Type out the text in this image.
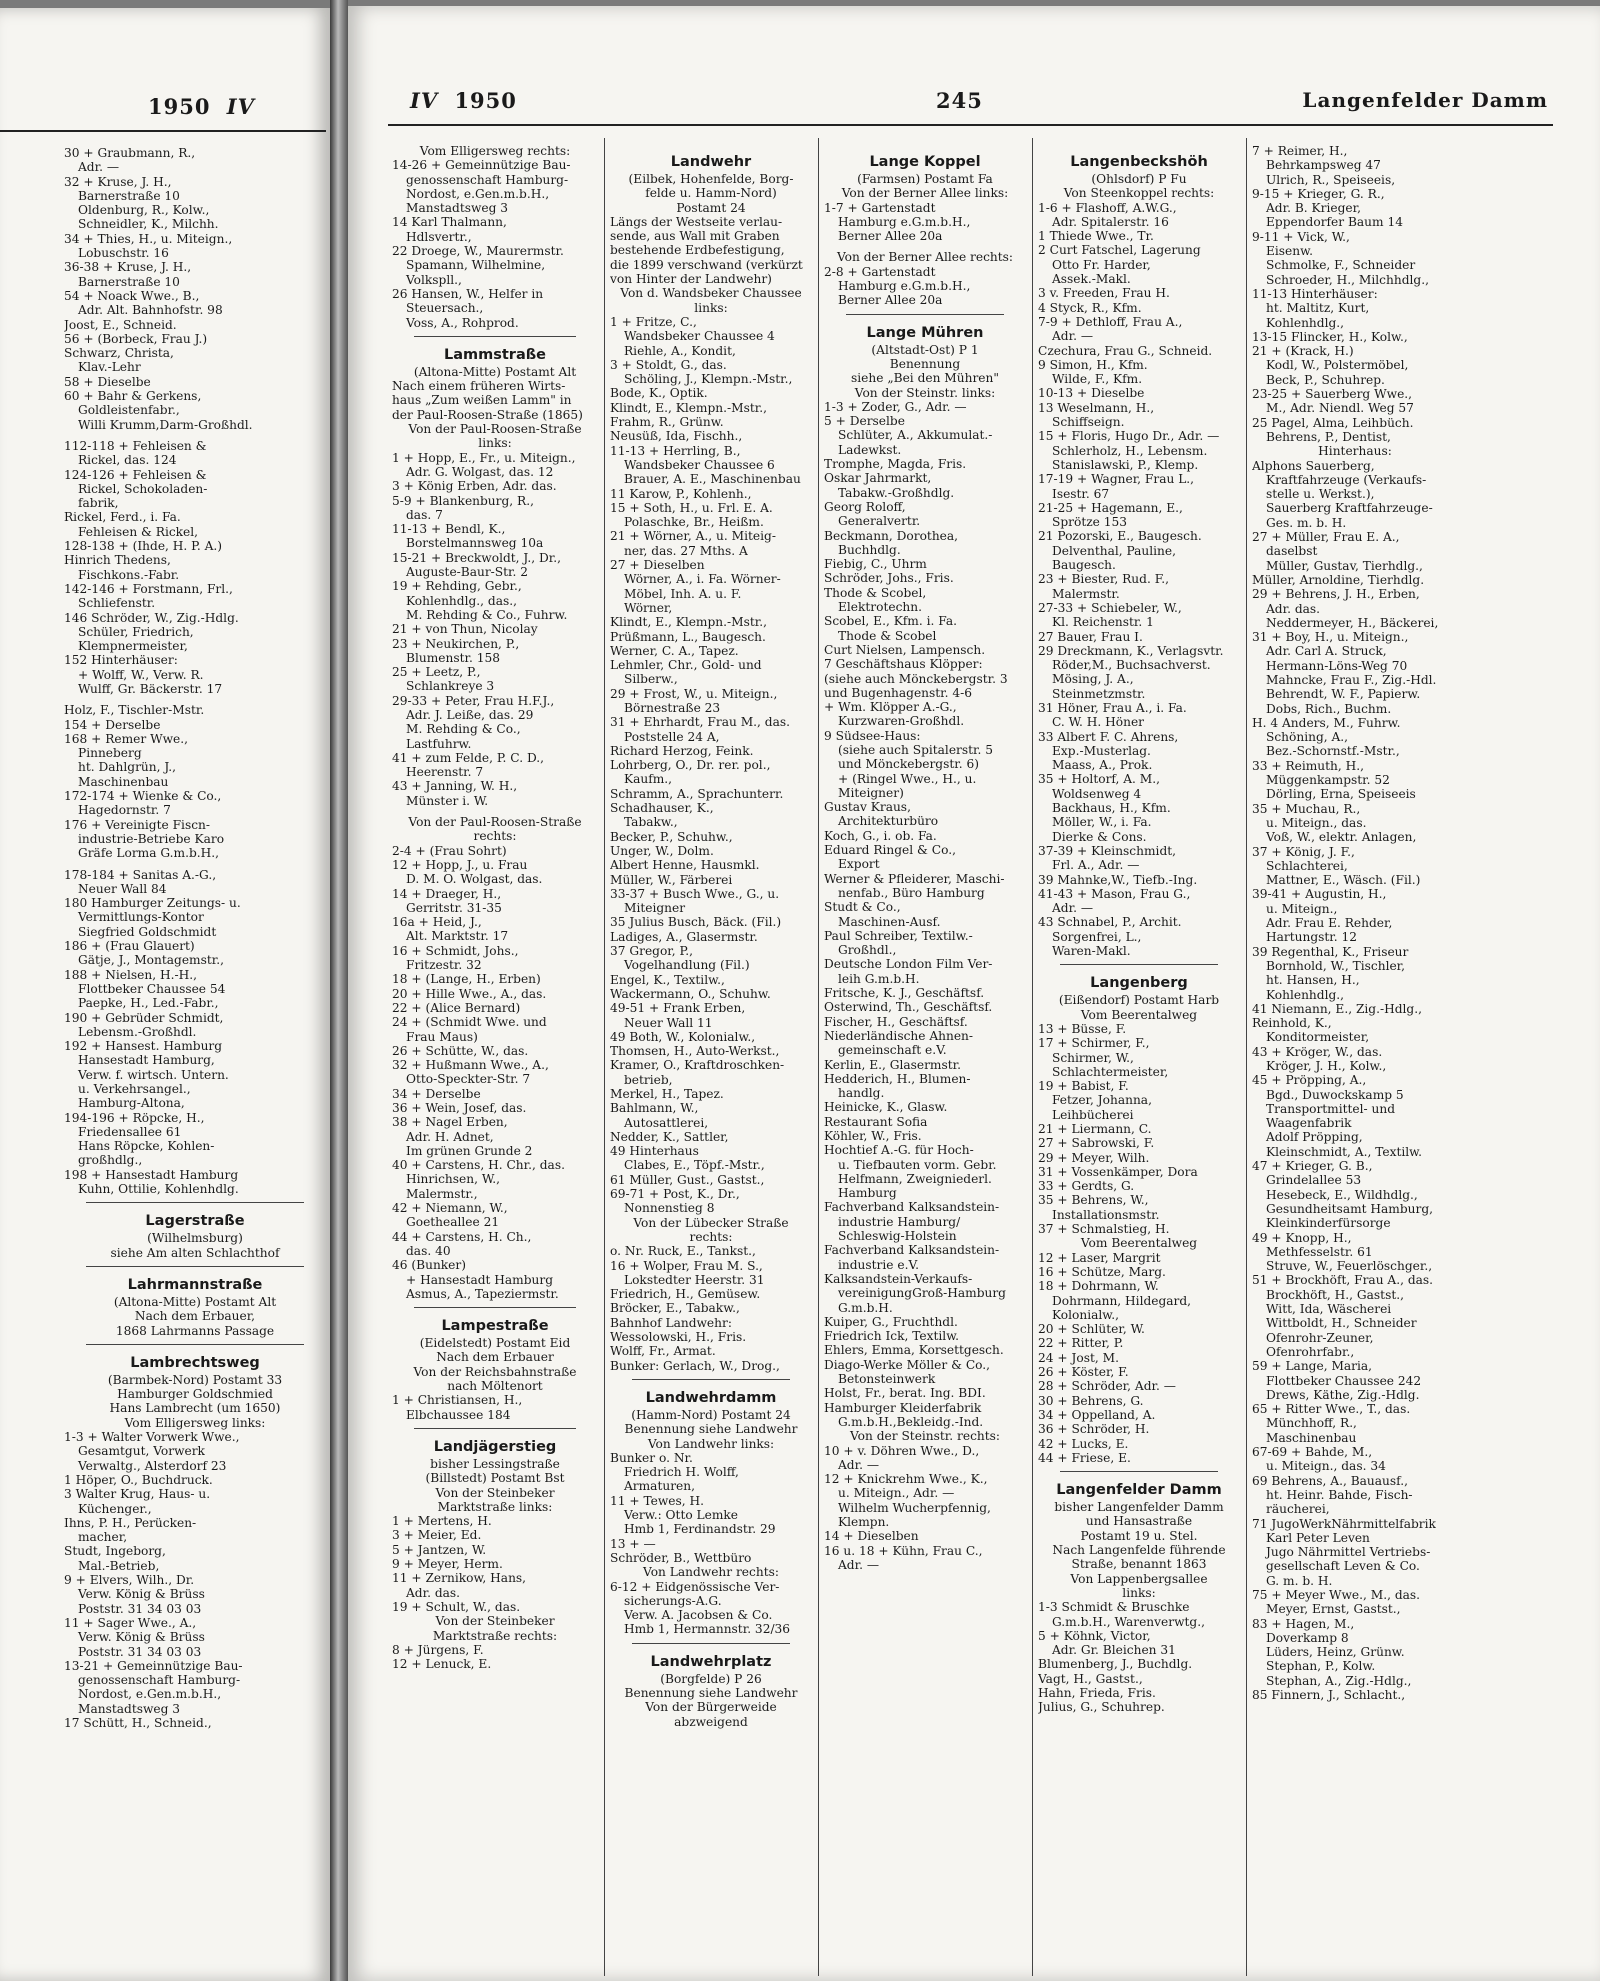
1950 IV
30 + Graubmann, R.,
Adr. —
32 + Kruse, J. H.,
Barnerstraße 10
Oldenburg, R., Kolw.,
Schneidler, K., Milchh.
34 + Thies, H., u. Miteign.,
Lobuschstr. 16
36-38 + Kruse, J. H.,
Barnerstraße 10
54 + Noack Wwe., B.,
Adr. Alt. Bahnhofstr. 98
Joost, E., Schneid.
56 + (Borbeck, Frau J.)
Schwarz, Christa,
Klav.-Lehr
58 + Dieselbe
60 + Bahr & Gerkens,
Goldleistenfabr.,
Willi Krumm,Darm-Großhdl.
112-118 + Fehleisen &
Rickel, das. 124
124-126 + Fehleisen &
Rickel, Schokoladen-
fabrik,
Rickel, Ferd., i. Fa.
Fehleisen & Rickel,
128-138 + (Ihde, H. P. A.)
Hinrich Thedens,
Fischkons.-Fabr.
142-146 + Forstmann, Frl.,
Schliefenstr.
146 Schröder, W., Zig.-Hdlg.
Schüler, Friedrich,
Klempnermeister,
152 Hinterhäuser:
+ Wolff, W., Verw. R.
Wulff, Gr. Bäckerstr. 17
Holz, F., Tischler-Mstr.
154 + Derselbe
168 + Remer Wwe.,
Pinneberg
ht. Dahlgrün, J.,
Maschinenbau
172-174 + Wienke & Co.,
Hagedornstr. 7
176 + Vereinigte Fiscn-
industrie-Betriebe Karo
Gräfe Lorma G.m.b.H.,
178-184 + Sanitas A.-G.,
Neuer Wall 84
180 Hamburger Zeitungs- u.
Vermittlungs-Kontor
Siegfried Goldschmidt
186 + (Frau Glauert)
Gätje, J., Montagemstr.,
188 + Nielsen, H.-H.,
Flottbeker Chaussee 54
Paepke, H., Led.-Fabr.,
190 + Gebrüder Schmidt,
Lebensm.-Großhdl.
192 + Hansest. Hamburg
Hansestadt Hamburg,
Verw. f. wirtsch. Untern.
u. Verkehrsangel.,
Hamburg-Altona,
194-196 + Röpcke, H.,
Friedensallee 61
Hans Röpcke, Kohlen-
großhdlg.,
198 + Hansestadt Hamburg
Kuhn, Ottilie, Kohlenhdlg.
Lagerstraße
(Wilhelmsburg)
siehe Am alten Schlachthof
Lahrmannstraße
(Altona-Mitte) Postamt Alt
Nach dem Erbauer,
1868 Lahrmanns Passage
Lambrechtsweg
(Barmbek-Nord) Postamt 33
Hamburger Goldschmied
Hans Lambrecht (um 1650)
Vom Elligersweg links:
1-3 + Walter Vorwerk Wwe.,
Gesamtgut, Vorwerk
Verwaltg., Alsterdorf 23
1 Höper, O., Buchdruck.
3 Walter Krug, Haus- u.
Küchenger.,
Ihns, P. H., Perücken-
macher,
Studt, Ingeborg,
Mal.-Betrieb,
9 + Elvers, Wilh., Dr.
Verw. König & Brüss
Poststr. 31 34 03 03
11 + Sager Wwe., A.,
Verw. König & Brüss
Poststr. 31 34 03 03
13-21 + Gemeinnützige Bau-
genossenschaft Hamburg-
Nordost, e.Gen.m.b.H.,
Manstadtsweg 3
17 Schütt, H., Schneid.,
IV 1950	245	Langenfelder Damm
Vom Elligersweg rechts:
14-26 + Gemeinnützige Bau-
genossenschaft Hamburg-
Nordost, e.Gen.m.b.H.,
Manstadtsweg 3
14 Karl Thalmann,
Hdlsvertr.,
22 Droege, W., Maurermstr.
Spamann, Wilhelmine,
Volkspll.,
26 Hansen, W., Helfer in
Steuersach.,
Voss, A., Rohprod.
Lammstraße
(Altona-Mitte) Postamt Alt
Nach einem früheren Wirts-
haus „Zum weißen Lamm" in
der Paul-Roosen-Straße (1865)
Von der Paul-Roosen-Straße
links:
1 + Hopp, E., Fr., u. Miteign.,
Adr. G. Wolgast, das. 12
3 + König Erben, Adr. das.
5-9 + Blankenburg, R.,
das. 7
11-13 + Bendl, K.,
Borstelmannsweg 10a
15-21 + Breckwoldt, J., Dr.,
Auguste-Baur-Str. 2
19 + Rehding, Gebr.,
Kohlenhdlg., das.,
M. Rehding & Co., Fuhrw.
21 + von Thun, Nicolay
23 + Neukirchen, P.,
Blumenstr. 158
25 + Leetz, P.,
Schlankreye 3
29-33 + Peter, Frau H.F.J.,
Adr. J. Leiße, das. 29
M. Rehding & Co.,
Lastfuhrw.
41 + zum Felde, P. C. D.,
Heerenstr. 7
43 + Janning, W. H.,
Münster i. W.
Von der Paul-Roosen-Straße
rechts:
2-4 + (Frau Sohrt)
12 + Hopp, J., u. Frau
D. M. O. Wolgast, das.
14 + Draeger, H.,
Gerritstr. 31-35
16a + Heid, J.,
Alt. Marktstr. 17
16 + Schmidt, Johs.,
Fritzestr. 32
18 + (Lange, H., Erben)
20 + Hille Wwe., A., das.
22 + (Alice Bernard)
24 + (Schmidt Wwe. und
Frau Maus)
26 + Schütte, W., das.
32 + Hußmann Wwe., A.,
Otto-Speckter-Str. 7
34 + Derselbe
36 + Wein, Josef, das.
38 + Nagel Erben,
Adr. H. Adnet,
Im grünen Grunde 2
40 + Carstens, H. Chr., das.
Hinrichsen, W.,
Malermstr.,
42 + Niemann, W.,
Goetheallee 21
44 + Carstens, H. Ch.,
das. 40
46 (Bunker)
+ Hansestadt Hamburg
Asmus, A., Tapeziermstr.
Lampestraße
(Eidelstedt) Postamt Eid
Nach dem Erbauer
Von der Reichsbahnstraße
nach Möltenort
1 + Christiansen, H.,
Elbchaussee 184
Landjägerstieg
bisher Lessingstraße
(Billstedt) Postamt Bst
Von der Steinbeker
Marktstraße links:
1 + Mertens, H.
3 + Meier, Ed.
5 + Jantzen, W.
9 + Meyer, Herm.
11 + Zernikow, Hans,
Adr. das.
19 + Schult, W., das.
Von der Steinbeker
Marktstraße rechts:
8 + Jürgens, F.
12 + Lenuck, E.
Landwehr
(Eilbek, Hohenfelde, Borg-
felde u. Hamm-Nord)
Postamt 24
Längs der Westseite verlau-
sende, aus Wall mit Graben
bestehende Erdbefestigung,
die 1899 verschwand (verkürzt
von Hinter der Landwehr)
Von d. Wandsbeker Chaussee
links:
1 + Fritze, C.,
Wandsbeker Chaussee 4
Riehle, A., Kondit,
3 + Stoldt, G., das.
Schöling, J., Klempn.-Mstr.,
Bode, K., Optik.
Klindt, E., Klempn.-Mstr.,
Frahm, R., Grünw.
Neusüß, Ida, Fischh.,
11-13 + Herrling, B.,
Wandsbeker Chaussee 6
Brauer, A. E., Maschinenbau
11 Karow, P., Kohlenh.,
15 + Soth, H., u. Frl. E. A.
Polaschke, Br., Heißm.
21 + Wörner, A., u. Miteig-
ner, das. 27 Mths. A
27 + Dieselben
Wörner, A., i. Fa. Wörner-
Möbel, Inh. A. u. F.
Wörner,
Klindt, E., Klempn.-Mstr.,
Prüßmann, L., Baugesch.
Werner, C. A., Tapez.
Lehmler, Chr., Gold- und
Silberw.,
29 + Frost, W., u. Miteign.,
Börnestraße 23
31 + Ehrhardt, Frau M., das.
Poststelle 24 A,
Richard Herzog, Feink.
Lohrberg, O., Dr. rer. pol.,
Kaufm.,
Schramm, A., Sprachunterr.
Schadhauser, K.,
Tabakw.,
Becker, P., Schuhw.,
Unger, W., Dolm.
Albert Henne, Hausmkl.
Müller, W., Färberei
33-37 + Busch Wwe., G., u.
Miteigner
35 Julius Busch, Bäck. (Fil.)
Ladiges, A., Glasermstr.
37 Gregor, P.,
Vogelhandlung (Fil.)
Engel, K., Textilw.,
Wackermann, O., Schuhw.
49-51 + Frank Erben,
Neuer Wall 11
49 Both, W., Kolonialw.,
Thomsen, H., Auto-Werkst.,
Kramer, O., Kraftdroschken-
betrieb,
Merkel, H., Tapez.
Bahlmann, W.,
Autosattlerei,
Nedder, K., Sattler,
49 Hinterhaus
Clabes, E., Töpf.-Mstr.,
61 Müller, Gust., Gastst.,
69-71 + Post, K., Dr.,
Nonnenstieg 8
Von der Lübecker Straße
rechts:
o. Nr. Ruck, E., Tankst.,
16 + Wolper, Frau M. S.,
Lokstedter Heerstr. 31
Friedrich, H., Gemüsew.
Bröcker, E., Tabakw.,
Bahnhof Landwehr:
Wessolowski, H., Fris.
Wolff, Fr., Armat.
Bunker: Gerlach, W., Drog.,
Landwehrdamm
(Hamm-Nord) Postamt 24
Benennung siehe Landwehr
Von Landwehr links:
Bunker o. Nr.
Friedrich H. Wolff,
Armaturen,
11 + Tewes, H.
Verw.: Otto Lemke
Hmb 1, Ferdinandstr. 29
13 + —
Schröder, B., Wettbüro
Von Landwehr rechts:
6-12 + Eidgenössische Ver-
sicherungs-A.G.
Verw. A. Jacobsen & Co.
Hmb 1, Hermannstr. 32/36
Landwehrplatz
(Borgfelde) P 26
Benennung siehe Landwehr
Von der Bürgerweide
abzweigend
Lange Koppel
(Farmsen) Postamt Fa
Von der Berner Allee links:
1-7 + Gartenstadt
Hamburg e.G.m.b.H.,
Berner Allee 20a
Von der Berner Allee rechts:
2-8 + Gartenstadt
Hamburg e.G.m.b.H.,
Berner Allee 20a
Lange Mühren
(Altstadt-Ost) P 1
Benennung
siehe „Bei den Mühren"
Von der Steinstr. links:
1-3 + Zoder, G., Adr. —
5 + Derselbe
Schlüter, A., Akkumulat.-
Ladewkst.
Tromphe, Magda, Fris.
Oskar Jahrmarkt,
Tabakw.-Großhdlg.
Georg Roloff,
Generalvertr.
Beckmann, Dorothea,
Buchhdlg.
Fiebig, C., Uhrm
Schröder, Johs., Fris.
Thode & Scobel,
Elektrotechn.
Scobel, E., Kfm. i. Fa.
Thode & Scobel
Curt Nielsen, Lampensch.
7 Geschäftshaus Klöpper:
(siehe auch Mönckebergstr. 3
und Bugenhagenstr. 4-6
+ Wm. Klöpper A.-G.,
Kurzwaren-Großhdl.
9 Südsee-Haus:
(siehe auch Spitalerstr. 5
und Mönckebergstr. 6)
+ (Ringel Wwe., H., u.
Miteigner)
Gustav Kraus,
Architekturbüro
Koch, G., i. ob. Fa.
Eduard Ringel & Co.,
Export
Werner & Pfleiderer, Maschi-
nenfab., Büro Hamburg
Studt & Co.,
Maschinen-Ausf.
Paul Schreiber, Textilw.-
Großhdl.,
Deutsche London Film Ver-
leih G.m.b.H.
Fritsche, K. J., Geschäftsf.
Osterwind, Th., Geschäftsf.
Fischer, H., Geschäftsf.
Niederländische Ahnen-
gemeinschaft e.V.
Kerlin, E., Glasermstr.
Hedderich, H., Blumen-
handlg.
Heinicke, K., Glasw.
Restaurant Sofia
Köhler, W., Fris.
Hochtief A.-G. für Hoch-
u. Tiefbauten vorm. Gebr.
Helfmann, Zweigniederl.
Hamburg
Fachverband Kalksandstein-
industrie Hamburg/
Schleswig-Holstein
Fachverband Kalksandstein-
industrie e.V.
Kalksandstein-Verkaufs-
vereinigungGroß-Hamburg
G.m.b.H.
Kuiper, G., Fruchthdl.
Friedrich Ick, Textilw.
Ehlers, Emma, Korsettgesch.
Diago-Werke Möller & Co.,
Betonsteinwerk
Holst, Fr., berat. Ing. BDI.
Hamburger Kleiderfabrik
G.m.b.H.,Bekleidg.-Ind.
Von der Steinstr. rechts:
10 + v. Döhren Wwe., D.,
Adr. —
12 + Knickrehm Wwe., K.,
u. Miteign., Adr. —
Wilhelm Wucherpfennig,
Klempn.
14 + Dieselben
16 u. 18 + Kühn, Frau C.,
Adr. —
Langenbeckshöh
(Ohlsdorf) P Fu
Von Steenkoppel rechts:
1-6 + Flashoff, A.W.G.,
Adr. Spitalerstr. 16
1 Thiede Wwe., Tr.
2 Curt Fatschel, Lagerung
Otto Fr. Harder,
Assek.-Makl.
3 v. Freeden, Frau H.
4 Styck, R., Kfm.
7-9 + Dethloff, Frau A.,
Adr. —
Czechura, Frau G., Schneid.
9 Simon, H., Kfm.
Wilde, F., Kfm.
10-13 + Dieselbe
13 Weselmann, H.,
Schiffseign.
15 + Floris, Hugo Dr., Adr. —
Schlerholz, H., Lebensm.
Stanislawski, P., Klemp.
17-19 + Wagner, Frau L.,
Isestr. 67
21-25 + Hagemann, E.,
Sprötze 153
21 Pozorski, E., Baugesch.
Delventhal, Pauline,
Baugesch.
23 + Biester, Rud. F.,
Malermstr.
27-33 + Schiebeler, W.,
Kl. Reichenstr. 1
27 Bauer, Frau I.
29 Dreckmann, K., Verlagsvtr.
Röder,M., Buchsachverst.
Mösing, J. A.,
Steinmetzmstr.
31 Höner, Frau A., i. Fa.
C. W. H. Höner
33 Albert F. C. Ahrens,
Exp.-Musterlag.
Maass, A., Prok.
35 + Holtorf, A. M.,
Woldsenweg 4
Backhaus, H., Kfm.
Möller, W., i. Fa.
Dierke & Cons.
37-39 + Kleinschmidt,
Frl. A., Adr. —
39 Mahnke,W., Tiefb.-Ing.
41-43 + Mason, Frau G.,
Adr. —
43 Schnabel, P., Archit.
Sorgenfrei, L.,
Waren-Makl.
Langenberg
(Eißendorf) Postamt Harb
Vom Beerentalweg
13 + Büsse, F.
17 + Schirmer, F.,
Schirmer, W.,
Schlachtermeister,
19 + Babist, F.
Fetzer, Johanna,
Leihbücherei
21 + Liermann, C.
27 + Sabrowski, F.
29 + Meyer, Wilh.
31 + Vossenkämper, Dora
33 + Gerdts, G.
35 + Behrens, W.,
Installationsmstr.
37 + Schmalstieg, H.
Vom Beerentalweg
12 + Laser, Margrit
16 + Schütze, Marg.
18 + Dohrmann, W.
Dohrmann, Hildegard,
Kolonialw.,
20 + Schlüter, W.
22 + Ritter, P.
24 + Jost, M.
26 + Köster, F.
28 + Schröder, Adr. —
30 + Behrens, G.
34 + Oppelland, A.
36 + Schröder, H.
42 + Lucks, E.
44 + Friese, E.
Langenfelder Damm
bisher Langenfelder Damm
und Hansastraße
Postamt 19 u. Stel.
Nach Langenfelde führende
Straße, benannt 1863
Von Lappenbergsallee
links:
1-3 Schmidt & Bruschke
G.m.b.H., Warenverwtg.,
5 + Köhnk, Victor,
Adr. Gr. Bleichen 31
Blumenberg, J., Buchdlg.
Vagt, H., Gastst.,
Hahn, Frieda, Fris.
Julius, G., Schuhrep.
7 + Reimer, H.,
Behrkampsweg 47
Ulrich, R., Speiseeis,
9-15 + Krieger, G. R.,
Adr. B. Krieger,
Eppendorfer Baum 14
9-11 + Vick, W.,
Eisenw.
Schmolke, F., Schneider
Schroeder, H., Milchhdlg.,
11-13 Hinterhäuser:
ht. Maltitz, Kurt,
Kohlenhdlg.,
13-15 Flincker, H., Kolw.,
21 + (Krack, H.)
Kodl, W., Polstermöbel,
Beck, P., Schuhrep.
23-25 + Sauerberg Wwe.,
M., Adr. Niendl. Weg 57
25 Pagel, Alma, Leihbüch.
Behrens, P., Dentist,
Hinterhaus:
Alphons Sauerberg,
Kraftfahrzeuge (Verkaufs-
stelle u. Werkst.),
Sauerberg Kraftfahrzeuge-
Ges. m. b. H.
27 + Müller, Frau E. A.,
daselbst
Müller, Gustav, Tierhdlg.,
Müller, Arnoldine, Tierhdlg.
29 + Behrens, J. H., Erben,
Adr. das.
Neddermeyer, H., Bäckerei,
31 + Boy, H., u. Miteign.,
Adr. Carl A. Struck,
Hermann-Löns-Weg 70
Mahncke, Frau F., Zig.-Hdl.
Behrendt, W. F., Papierw.
Dobs, Rich., Buchm.
H. 4 Anders, M., Fuhrw.
Schöning, A.,
Bez.-Schornstf.-Mstr.,
33 + Reimuth, H.,
Müggenkampstr. 52
Dörling, Erna, Speiseeis
35 + Muchau, R.,
u. Miteign., das.
Voß, W., elektr. Anlagen,
37 + König, J. F.,
Schlachterei,
Mattner, E., Wäsch. (Fil.)
39-41 + Augustin, H.,
u. Miteign.,
Adr. Frau E. Rehder,
Hartungstr. 12
39 Regenthal, K., Friseur
Bornhold, W., Tischler,
ht. Hansen, H.,
Kohlenhdlg.,
41 Niemann, E., Zig.-Hdlg.,
Reinhold, K.,
Konditormeister,
43 + Kröger, W., das.
Kröger, J. H., Kolw.,
45 + Pröpping, A.,
Bgd., Duwockskamp 5
Transportmittel- und
Waagenfabrik
Adolf Pröpping,
Kleinschmidt, A., Textilw.
47 + Krieger, G. B.,
Grindelallee 53
Hesebeck, E., Wildhdlg.,
Gesundheitsamt Hamburg,
Kleinkinderfürsorge
49 + Knopp, H.,
Methfesselstr. 61
Struve, W., Feuerlöschger.,
51 + Brockhöft, Frau A., das.
Brockhöft, H., Gastst.,
Witt, Ida, Wäscherei
Wittboldt, H., Schneider
Ofenrohr-Zeuner,
Ofenrohrfabr.,
59 + Lange, Maria,
Flottbeker Chaussee 242
Drews, Käthe, Zig.-Hdlg.
65 + Ritter Wwe., T., das.
Münchhoff, R.,
Maschinenbau
67-69 + Bahde, M.,
u. Miteign., das. 34
69 Behrens, A., Bauausf.,
ht. Heinr. Bahde, Fisch-
räucherei,
71 JugoWerkNährmittelfabrik
Karl Peter Leven
Jugo Nährmittel Vertriebs-
gesellschaft Leven & Co.
G. m. b. H.
75 + Meyer Wwe., M., das.
Meyer, Ernst, Gastst.,
83 + Hagen, M.,
Doverkamp 8
Lüders, Heinz, Grünw.
Stephan, P., Kolw.
Stephan, A., Zig.-Hdlg.,
85 Finnern, J., Schlacht.,
